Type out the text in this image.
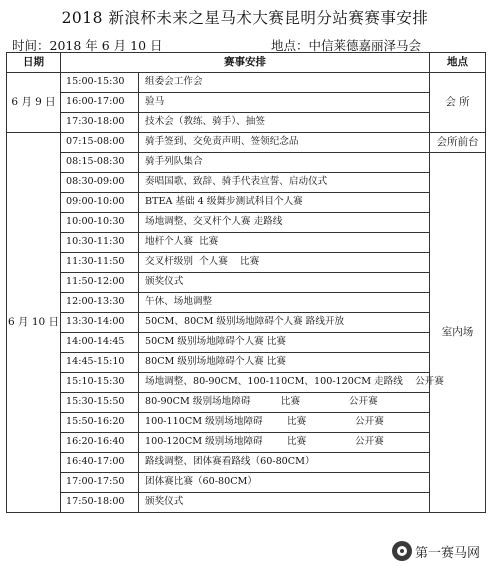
2018 新浪杯未来之星马术大赛昆明分站赛赛事安排
时间：2018 年 6 月 10 日	地点：中信莱德嘉丽泽马会
日期	赛事安排		地点
6 月 9 日	15:00-15:30	组委会工作会	会 所
	16:00-17:00	验马	
	17:30-18:00	技术会（教练、骑手）、抽签	
6 月 10 日	07:15-08:00	骑手签到、交免责声明、签领纪念品	会所前台
	08:15-08:30	骑手列队集合	室内场
	08:30-09:00	奏唱国歌、致辞、骑手代表宣誓、启动仪式	
	09:00-10:00	BTEA 基础 4 级舞步测试科目个人赛	
	10:00-10:30	场地调整、交叉杆个人赛 走路线	
	10:30-11:30	地杆个人赛  比赛	
	11:30-11:50	交叉杆级别  个人赛    比赛	
	11:50-12:00	颁奖仪式	
	12:00-13:30	午休、场地调整	
	13:30-14:00	50CM、80CM 级别场地障碍个人赛 路线开放	
	14:00-14:45	50CM 级别场地障碍个人赛 比赛	
	14:45-15:10	80CM 级别场地障碍个人赛 比赛	
	15:10-15:30	场地调整、80-90CM、100-110CM、100-120CM 走路线    公开赛	
	15:30-15:50	80-90CM 级别场地障碍          比赛                公开赛	
	15:50-16:20	100-110CM 级别场地障碍        比赛                公开赛	
	16:20-16:40	100-120CM 级别场地障碍        比赛                公开赛	
	16:40-17:00	路线调整、团体赛看路线（60-80CM）	
	17:00-17:50	团体赛比赛（60-80CM）	
	17:50-18:00	颁奖仪式	
第一赛马网
